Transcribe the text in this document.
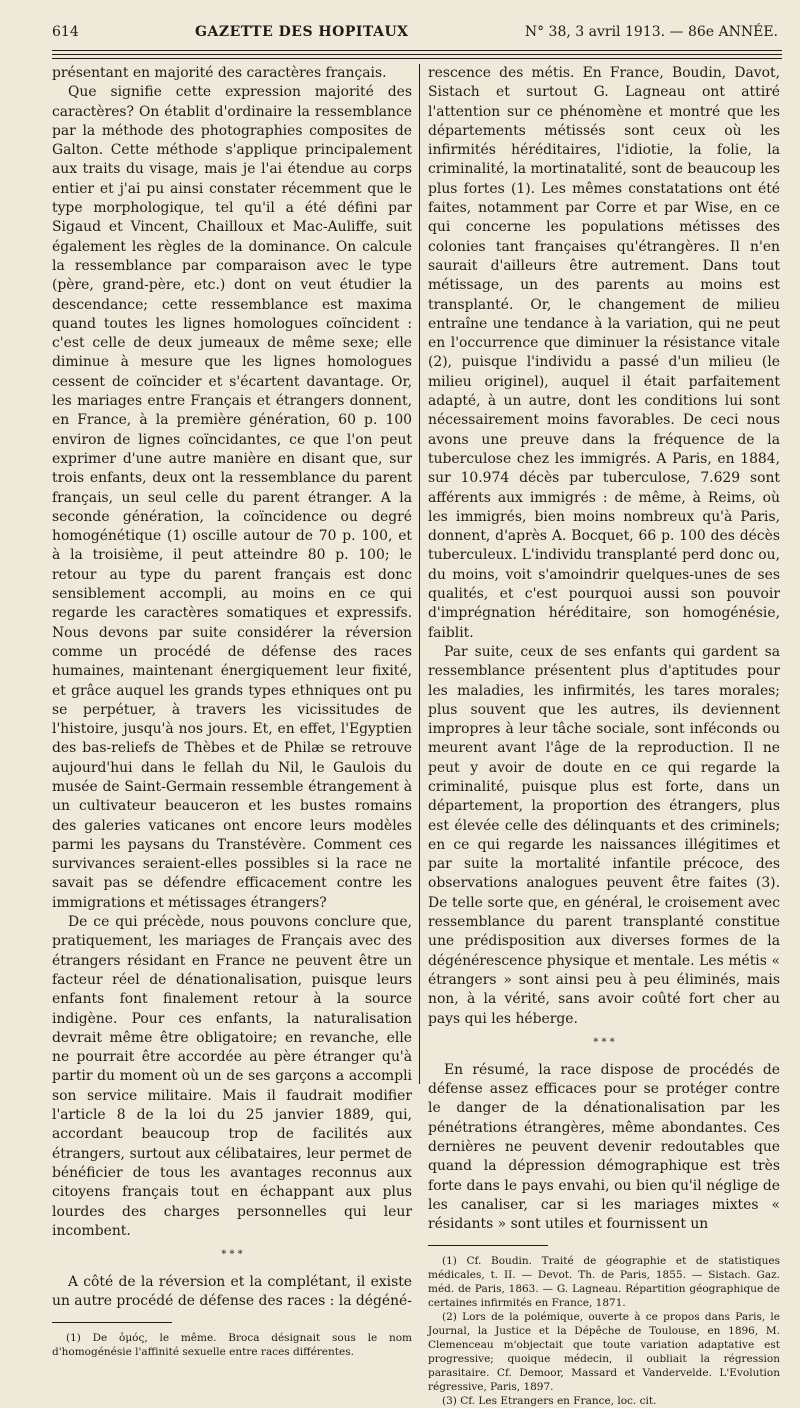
614	GAZETTE DES HOPITAUX	N° 38, 3 avril 1913. — 86e ANNÉE.

présentant en majorité des caractères français.

Que signifie cette expression majorité des caractères? On établit d'ordinaire la ressemblance par la méthode des photographies composites de Galton. Cette méthode s'applique principalement aux traits du visage, mais je l'ai étendue au corps entier et j'ai pu ainsi constater récemment que le type morphologique, tel qu'il a été défini par Sigaud et Vincent, Chailloux et Mac-Auliffe, suit également les règles de la dominance. On calcule la ressemblance par comparaison avec le type (père, grand-père, etc.) dont on veut étudier la descendance; cette ressemblance est maxima quand toutes les lignes homologues coïncident : c'est celle de deux jumeaux de même sexe; elle diminue à mesure que les lignes homologues cessent de coïncider et s'écartent davantage. Or, les mariages entre Français et étrangers donnent, en France, à la première génération, 60 p. 100 environ de lignes coïncidantes, ce que l'on peut exprimer d'une autre manière en disant que, sur trois enfants, deux ont la ressemblance du parent français, un seul celle du parent étranger. A la seconde génération, la coïncidence ou degré homogénétique (1) oscille autour de 70 p. 100, et à la troisième, il peut atteindre 80 p. 100; le retour au type du parent français est donc sensiblement accompli, au moins en ce qui regarde les caractères somatiques et expressifs. Nous devons par suite considérer la réversion comme un procédé de défense des races humaines, maintenant énergiquement leur fixité, et grâce auquel les grands types ethniques ont pu se perpétuer, à travers les vicissitudes de l'histoire, jusqu'à nos jours. Et, en effet, l'Egyptien des bas-reliefs de Thèbes et de Philæ se retrouve aujourd'hui dans le fellah du Nil, le Gaulois du musée de Saint-Germain ressemble étrangement à un cultivateur beauceron et les bustes romains des galeries vaticanes ont encore leurs modèles parmi les paysans du Transtévère. Comment ces survivances seraient-elles possibles si la race ne savait pas se défendre efficacement contre les immigrations et métissages étrangers?

De ce qui précède, nous pouvons conclure que, pratiquement, les mariages de Français avec des étrangers résidant en France ne peuvent être un facteur réel de dénationalisation, puisque leurs enfants font finalement retour à la source indigène. Pour ces enfants, la naturalisation devrait même être obligatoire; en revanche, elle ne pourrait être accordée au père étranger qu'à partir du moment où un de ses garçons a accompli son service militaire. Mais il faudrait modifier l'article 8 de la loi du 25 janvier 1889, qui, accordant beaucoup trop de facilités aux étrangers, surtout aux célibataires, leur permet de bénéficier de tous les avantages reconnus aux citoyens français tout en échappant aux plus lourdes des charges personnelles qui leur incombent.

* * *

A côté de la réversion et la complétant, il existe un autre procédé de défense des races : la dégéné-

(1) De ὁμός, le même. Broca désignait sous le nom d'homogénésie l'affinité sexuelle entre races différentes.

rescence des métis. En France, Boudin, Davot, Sistach et surtout G. Lagneau ont attiré l'attention sur ce phénomène et montré que les départements métissés sont ceux où les infirmités héréditaires, l'idiotie, la folie, la criminalité, la mortinatalité, sont de beaucoup les plus fortes (1). Les mêmes constatations ont été faites, notamment par Corre et par Wise, en ce qui concerne les populations métisses des colonies tant françaises qu'étrangères. Il n'en saurait d'ailleurs être autrement. Dans tout métissage, un des parents au moins est transplanté. Or, le changement de milieu entraîne une tendance à la variation, qui ne peut en l'occurrence que diminuer la résistance vitale (2), puisque l'individu a passé d'un milieu (le milieu originel), auquel il était parfaitement adapté, à un autre, dont les conditions lui sont nécessairement moins favorables. De ceci nous avons une preuve dans la fréquence de la tuberculose chez les immigrés. A Paris, en 1884, sur 10.974 décès par tuberculose, 7.629 sont afférents aux immigrés : de même, à Reims, où les immigrés, bien moins nombreux qu'à Paris, donnent, d'après A. Bocquet, 66 p. 100 des décès tuberculeux. L'individu transplanté perd donc ou, du moins, voit s'amoindrir quelques-unes de ses qualités, et c'est pourquoi aussi son pouvoir d'imprégnation héréditaire, son homogénésie, faiblit.

Par suite, ceux de ses enfants qui gardent sa ressemblance présentent plus d'aptitudes pour les maladies, les infirmités, les tares morales; plus souvent que les autres, ils deviennent impropres à leur tâche sociale, sont inféconds ou meurent avant l'âge de la reproduction. Il ne peut y avoir de doute en ce qui regarde la criminalité, puisque plus est forte, dans un département, la proportion des étrangers, plus est élevée celle des délinquants et des criminels; en ce qui regarde les naissances illégitimes et par suite la mortalité infantile précoce, des observations analogues peuvent être faites (3). De telle sorte que, en général, le croisement avec ressemblance du parent transplanté constitue une prédisposition aux diverses formes de la dégénérescence physique et mentale. Les métis « étrangers » sont ainsi peu à peu éliminés, mais non, à la vérité, sans avoir coûté fort cher au pays qui les héberge.

* * *

En résumé, la race dispose de procédés de défense assez efficaces pour se protéger contre le danger de la dénationalisation par les pénétrations étrangères, même abondantes. Ces dernières ne peuvent devenir redoutables que quand la dépression démographique est très forte dans le pays envahi, ou bien qu'il néglige de les canaliser, car si les mariages mixtes « résidants » sont utiles et fournissent un

(1) Cf. Boudin. Traité de géographie et de statistiques médicales, t. II. — Devot. Th. de Paris, 1855. — Sistach. Gaz. méd. de Paris, 1863. — G. Lagneau. Répartition géographique de certaines infirmités en France, 1871.

(2) Lors de la polémique, ouverte à ce propos dans Paris, le Journal, la Justice et la Dépêche de Toulouse, en 1896, M. Clemenceau m'objectait que toute variation adaptative est progressive; quoique médecin, il oubliait la régression parasitaire. Cf. Demoor, Massard et Vandervelde. L'Evolution régressive, Paris, 1897.

(3) Cf. Les Etrangers en France, loc. cit.
